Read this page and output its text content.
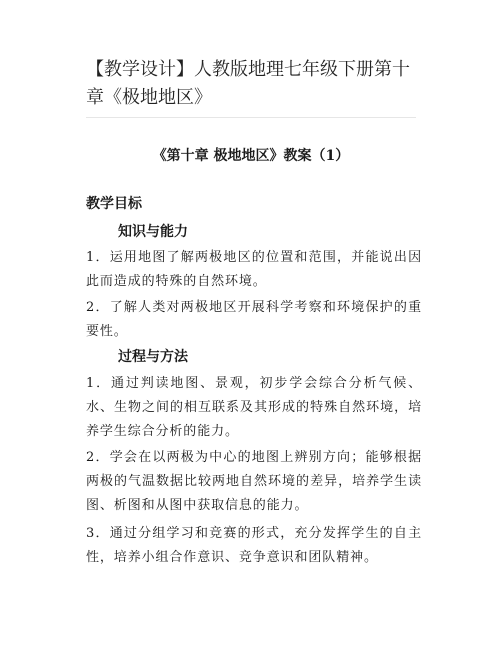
【教学设计】人教版地理七年级下册第十章《极地地区》
《第十章 极地地区》教案（1）
教学目标
知识与能力

1．运用地图了解两极地区的位置和范围，并能说出因此而造成的特殊的自然环境。

2．了解人类对两极地区开展科学考察和环境保护的重要性。

过程与方法

1．通过判读地图、景观，初步学会综合分析气候、水、生物之间的相互联系及其形成的特殊自然环境，培养学生综合分析的能力。

2．学会在以两极为中心的地图上辨别方向；能够根据两极的气温数据比较两地自然环境的差异，培养学生读图、析图和从图中获取信息的能力。

3．通过分组学习和竞赛的形式，充分发挥学生的自主性，培养小组合作意识、竞争意识和团队精神。
